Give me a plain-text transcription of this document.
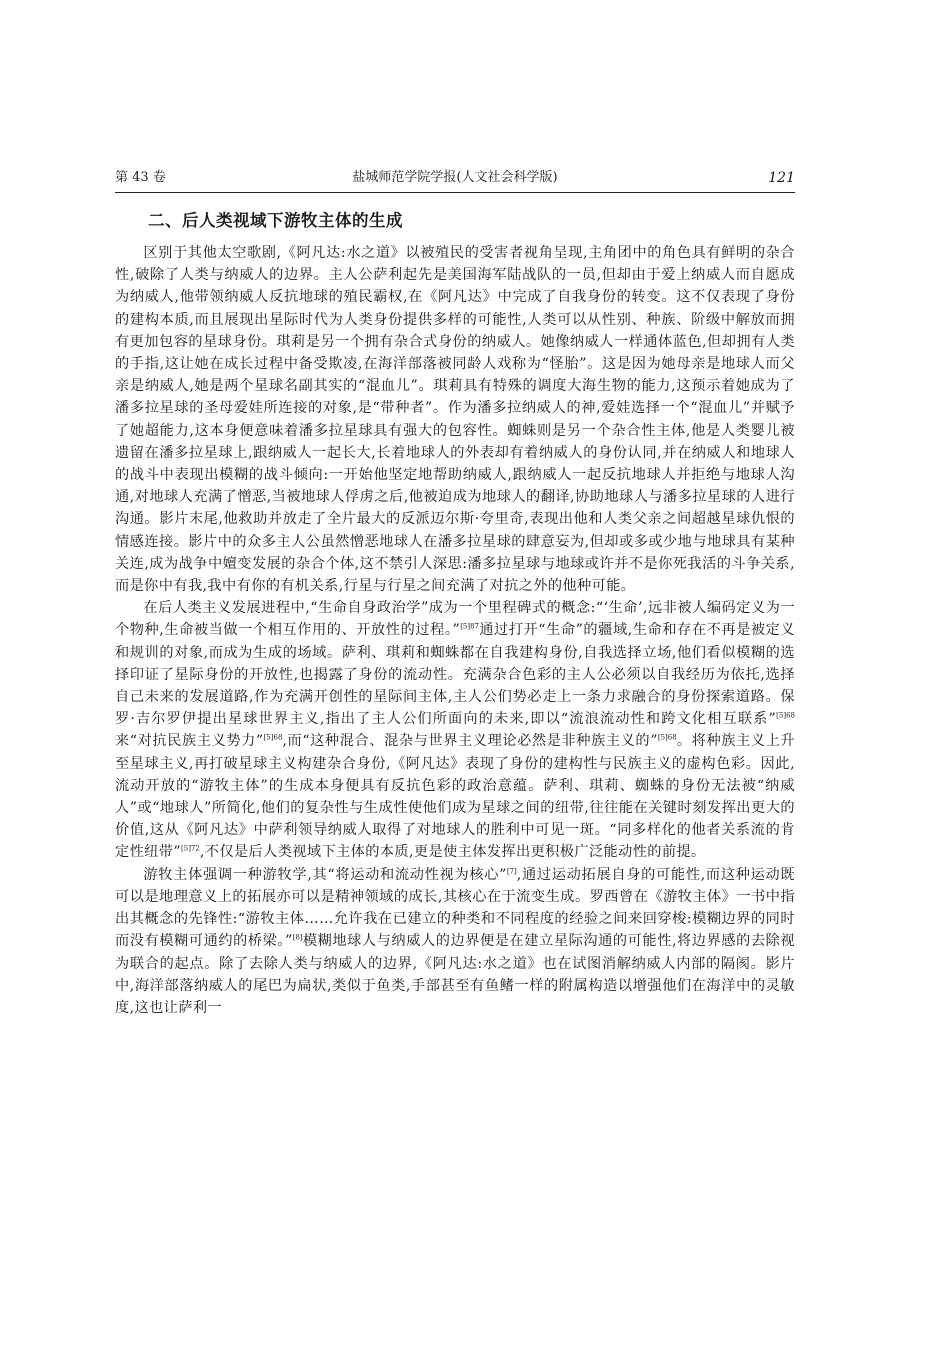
第 43 卷	盐城师范学院学报(人文社会科学版)	121
二、后人类视域下游牧主体的生成

区别于其他太空歌剧,《阿凡达:水之道》以被殖民的受害者视角呈现,主角团中的角色具有鲜明的杂合性,破除了人类与纳威人的边界。主人公萨利起先是美国海军陆战队的一员,但却由于爱上纳威人而自愿成为纳威人,他带领纳威人反抗地球的殖民霸权,在《阿凡达》中完成了自我身份的转变。这不仅表现了身份的建构本质,而且展现出星际时代为人类身份提供多样的可能性,人类可以从性别、种族、阶级中解放而拥有更加包容的星球身份。琪莉是另一个拥有杂合式身份的纳威人。她像纳威人一样通体蓝色,但却拥有人类的手指,这让她在成长过程中备受欺凌,在海洋部落被同龄人戏称为“怪胎”。这是因为她母亲是地球人而父亲是纳威人,她是两个星球名副其实的“混血儿”。琪莉具有特殊的调度大海生物的能力,这预示着她成为了潘多拉星球的圣母爱娃所连接的对象,是“带种者”。作为潘多拉纳威人的神,爱娃选择一个“混血儿”并赋予了她超能力,这本身便意味着潘多拉星球具有强大的包容性。蜘蛛则是另一个杂合性主体,他是人类婴儿被遗留在潘多拉星球上,跟纳威人一起长大,长着地球人的外表却有着纳威人的身份认同,并在纳威人和地球人的战斗中表现出模糊的战斗倾向:一开始他坚定地帮助纳威人,跟纳威人一起反抗地球人并拒绝与地球人沟通,对地球人充满了憎恶,当被地球人俘虏之后,他被迫成为地球人的翻译,协助地球人与潘多拉星球的人进行沟通。影片末尾,他救助并放走了全片最大的反派迈尔斯·夸里奇,表现出他和人类父亲之间超越星球仇恨的情感连接。影片中的众多主人公虽然憎恶地球人在潘多拉星球的肆意妄为,但却或多或少地与地球具有某种关连,成为战争中嬗变发展的杂合个体,这不禁引人深思:潘多拉星球与地球或许并不是你死我活的斗争关系,而是你中有我,我中有你的有机关系,行星与行星之间充满了对抗之外的他种可能。

在后人类主义发展进程中,“生命自身政治学”成为一个里程碑式的概念:“‘生命’,远非被人编码定义为一个物种,生命被当做一个相互作用的、开放性的过程。”$^{[5]87}$通过打开“生命”的疆域,生命和存在不再是被定义和规训的对象,而成为生成的场域。萨利、琪莉和蜘蛛都在自我建构身份,自我选择立场,他们看似模糊的选择印证了星际身份的开放性,也揭露了身份的流动性。充满杂合色彩的主人公必须以自我经历为依托,选择自己未来的发展道路,作为充满开创性的星际间主体,主人公们势必走上一条力求融合的身份探索道路。保罗·吉尔罗伊提出星球世界主义,指出了主人公们所面向的未来,即以“流浪流动性和跨文化相互联系”$^{[5]68}$来“对抗民族主义势力”$^{[5]68}$,而“这种混合、混杂与世界主义理论必然是非种族主义的”$^{[5]68}$。将种族主义上升至星球主义,再打破星球主义构建杂合身份,《阿凡达》表现了身份的建构性与民族主义的虚构色彩。因此,流动开放的“游牧主体”的生成本身便具有反抗色彩的政治意蕴。萨利、琪莉、蜘蛛的身份无法被“纳威人”或“地球人”所简化,他们的复杂性与生成性使他们成为星球之间的纽带,往往能在关键时刻发挥出更大的价值,这从《阿凡达》中萨利领导纳威人取得了对地球人的胜利中可见一斑。“同多样化的他者关系流的肯定性纽带”$^{[5]72}$,不仅是后人类视域下主体的本质,更是使主体发挥出更积极广泛能动性的前提。

游牧主体强调一种游牧学,其“将运动和流动性视为核心”[7],通过运动拓展自身的可能性,而这种运动既可以是地理意义上的拓展亦可以是精神领域的成长,其核心在于流变生成。罗西曾在《游牧主体》一书中指出其概念的先锋性:“游牧主体……允许我在已建立的种类和不同程度的经验之间来回穿梭:模糊边界的同时而没有模糊可通约的桥梁。”[8]模糊地球人与纳威人的边界便是在建立星际沟通的可能性,将边界感的去除视为联合的起点。除了去除人类与纳威人的边界,《阿凡达:水之道》也在试图消解纳威人内部的隔阂。影片中,海洋部落纳威人的尾巴为扁状,类似于鱼类,手部甚至有鱼鳍一样的附属构造以增强他们在海洋中的灵敏度,这也让萨利一
